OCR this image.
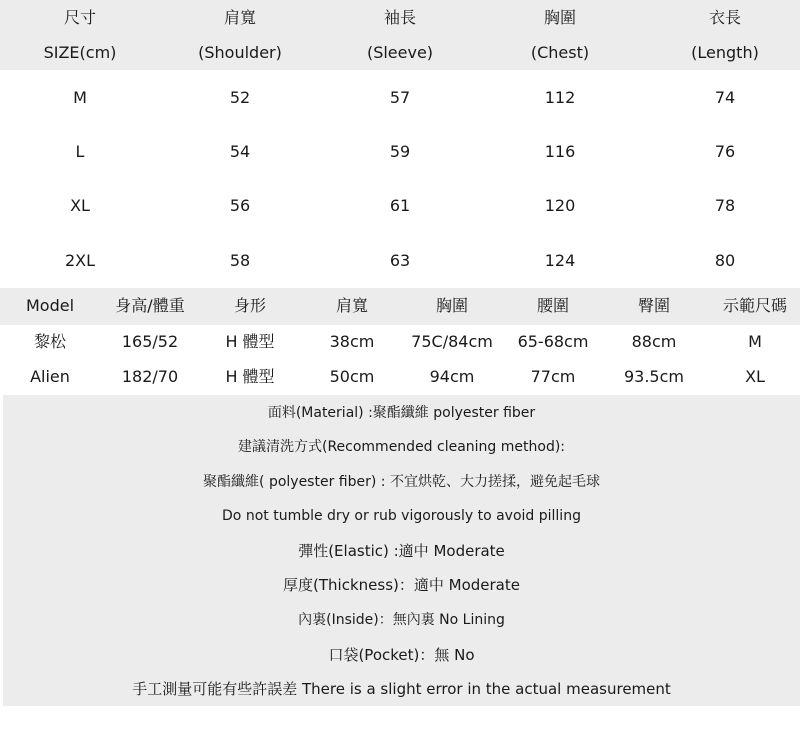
尺寸	肩寬	袖長	胸圍	衣長
SIZE(cm)	(Shoulder)	(Sleeve)	(Chest)	(Length)
M	52	57	112	74
L	54	59	116	76
XL	56	61	120	78
2XL	58	63	124	80
Model	身高/體重	身形	肩寬	胸圍	腰圍	臀圍	示範尺碼
黎松	165/52	H 體型	38cm	75C/84cm	65-68cm	88cm	M
Alien	182/70	H 體型	50cm	94cm	77cm	93.5cm	XL
面料(Material) :聚酯纖維 polyester fiber
建議清洗方式(Recommended cleaning method):
聚酯纖維( polyester fiber) : 不宜烘乾、大力搓揉，避免起毛球
Do not tumble dry or rub vigorously to avoid pilling
彈性(Elastic) :適中 Moderate
厚度(Thickness)：適中 Moderate
內裏(Inside)：無內裏 No Lining
口袋(Pocket)：無 No
手工測量可能有些許誤差 There is a slight error in the actual measurement
